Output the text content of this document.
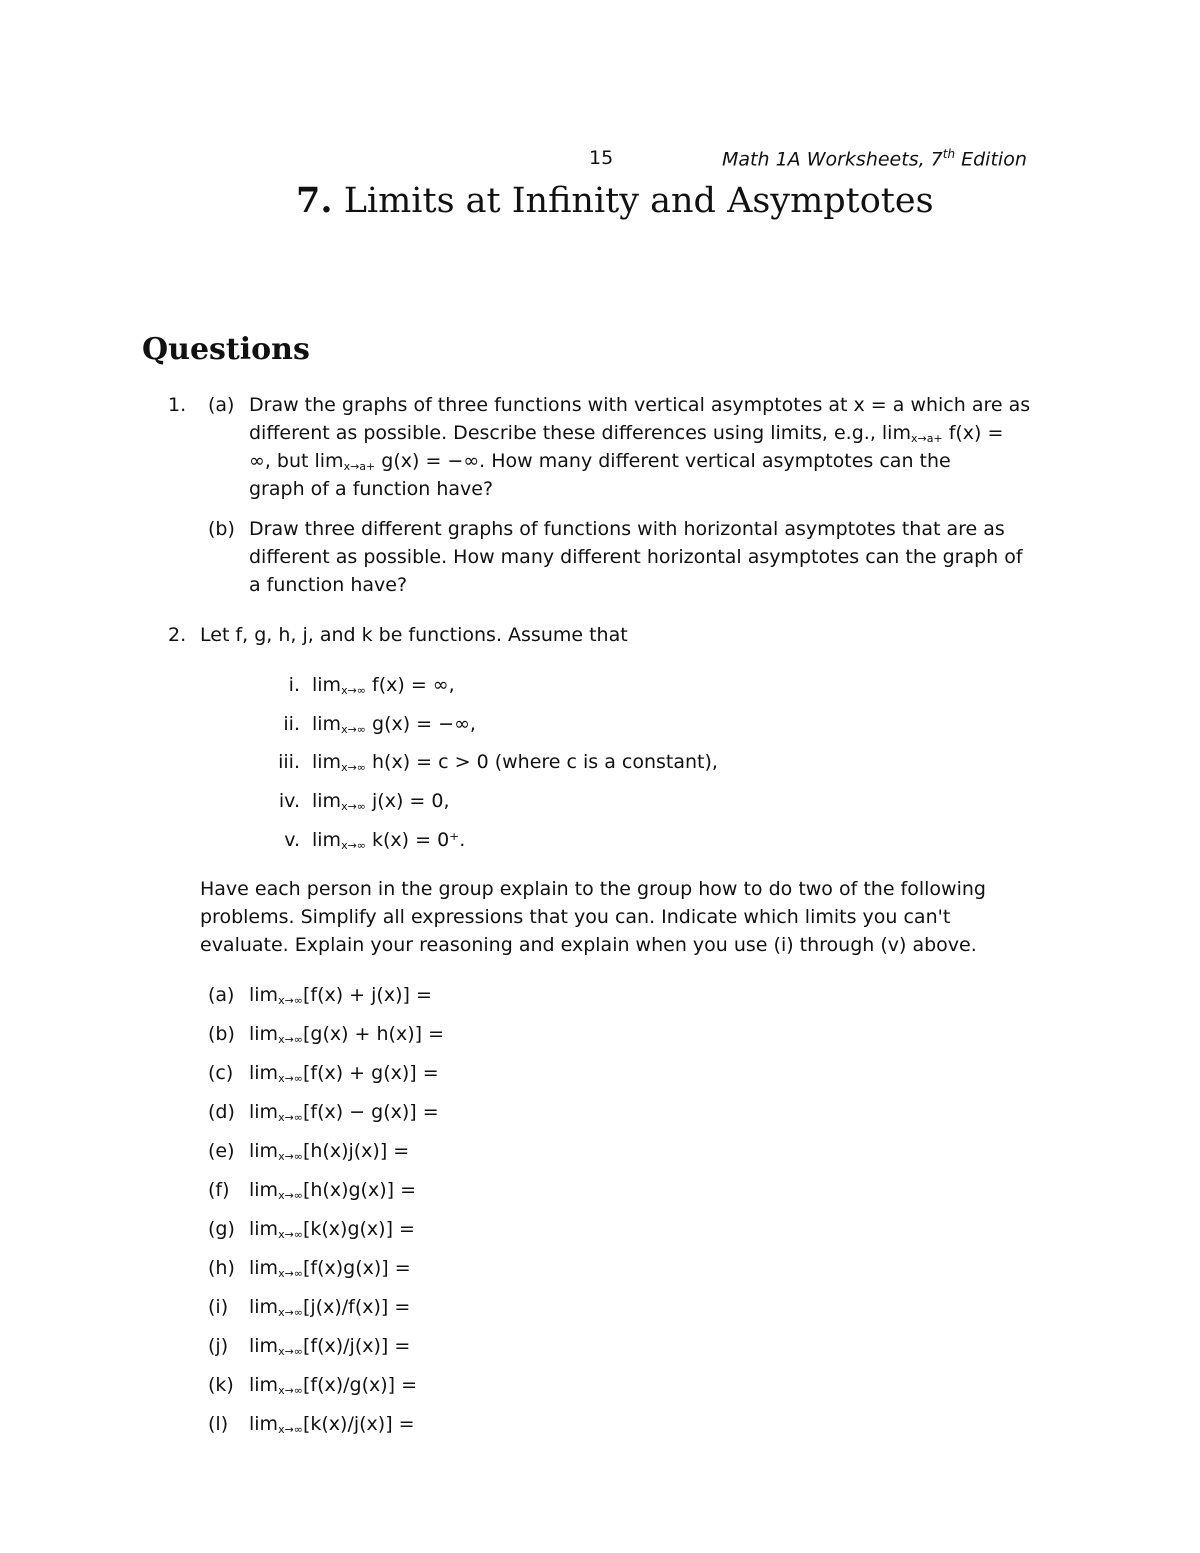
15	Math 1A Worksheets, 7th Edition
7. Limits at Infinity and Asymptotes
Questions
1. (a) Draw the graphs of three functions with vertical asymptotes at x = a which are as
different as possible. Describe these differences using limits, e.g., $\lim_{x\to a+} f(x)$ =
∞, but $\lim_{x\to a+} g(x)$ = −∞. How many different vertical asymptotes can the
graph of a function have?
(b) Draw three different graphs of functions with horizontal asymptotes that are as
different as possible. How many different horizontal asymptotes can the graph of
a function have?
2. Let f, g, h, j, and k be functions. Assume that
i. $\lim_{x\to\infty} f(x)$ = ∞,
ii. $\lim_{x\to\infty} g(x)$ = −∞,
iii. $\lim_{x\to\infty} h(x) = c > 0$ (where c is a constant),
iv. $\lim_{x\to\infty} j(x) = 0$,
v. $\lim_{x\to\infty} k(x) = 0^+$.
Have each person in the group explain to the group how to do two of the following
problems. Simplify all expressions that you can. Indicate which limits you can't
evaluate. Explain your reasoning and explain when you use (i) through (v) above.
(a) $\lim_{x\to\infty}[f(x) + j(x)]$ =
(b) $\lim_{x\to\infty}[g(x) + h(x)]$ =
(c) $\lim_{x\to\infty}[f(x) + g(x)]$ =
(d) $\lim_{x\to\infty}[f(x) - g(x)]$ =
(e) $\lim_{x\to\infty}[h(x)j(x)]$ =
(f) $\lim_{x\to\infty}[h(x)g(x)]$ =
(g) $\lim_{x\to\infty}[k(x)g(x)]$ =
(h) $\lim_{x\to\infty}[f(x)g(x)]$ =
(i) $\lim_{x\to\infty}[j(x)/f(x)]$ =
(j) $\lim_{x\to\infty}[f(x)/j(x)]$ =
(k) $\lim_{x\to\infty}[f(x)/g(x)]$ =
(l) $\lim_{x\to\infty}[k(x)/j(x)]$ =
